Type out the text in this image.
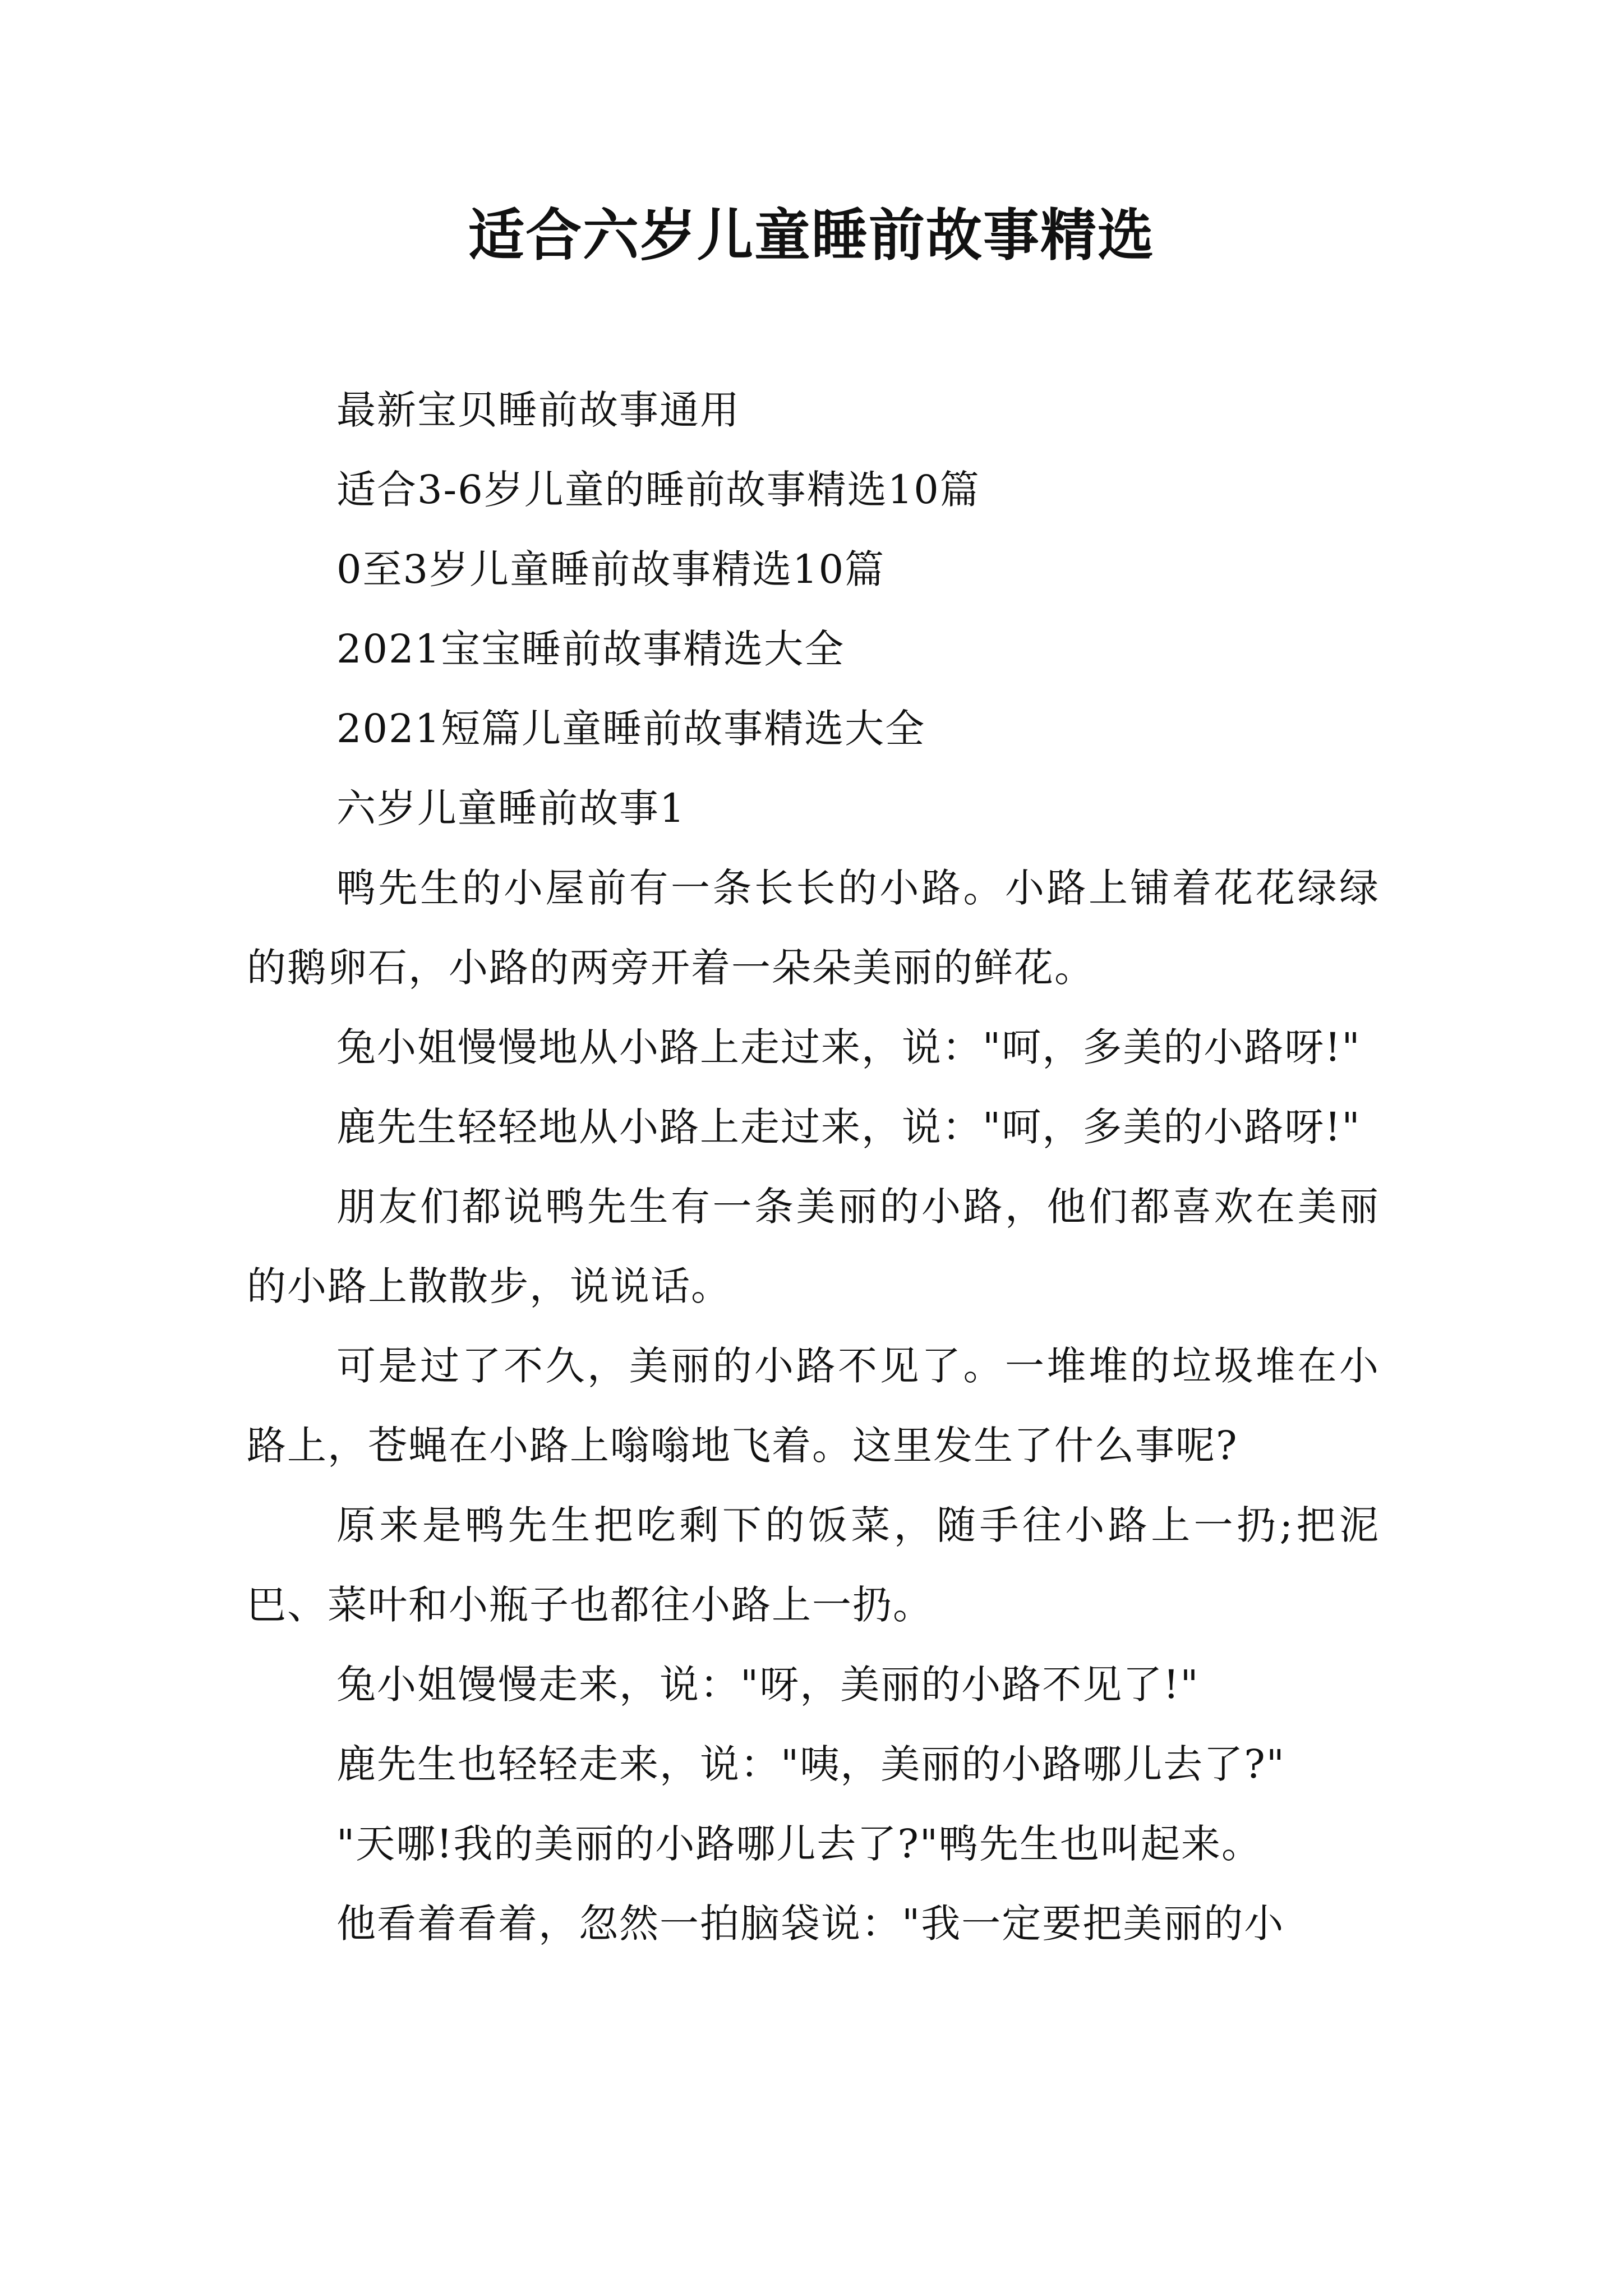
适合六岁儿童睡前故事精选

最新宝贝睡前故事通用

适合3-6岁儿童的睡前故事精选10篇

0至3岁儿童睡前故事精选10篇

2021宝宝睡前故事精选大全

2021短篇儿童睡前故事精选大全

六岁儿童睡前故事1

鸭先生的小屋前有一条长长的小路。小路上铺着花花绿绿的鹅卵石，小路的两旁开着一朵朵美丽的鲜花。

兔小姐慢慢地从小路上走过来，说："呵，多美的小路呀!"

鹿先生轻轻地从小路上走过来，说："呵，多美的小路呀!"

朋友们都说鸭先生有一条美丽的小路，他们都喜欢在美丽的小路上散散步，说说话。

可是过了不久，美丽的小路不见了。一堆堆的垃圾堆在小路上，苍蝇在小路上嗡嗡地飞着。这里发生了什么事呢?

原来是鸭先生把吃剩下的饭菜，随手往小路上一扔;把泥巴、菜叶和小瓶子也都往小路上一扔。

兔小姐馒慢走来，说："呀，美丽的小路不见了!"

鹿先生也轻轻走来，说："咦，美丽的小路哪儿去了?"

"天哪!我的美丽的小路哪儿去了?"鸭先生也叫起来。

他看着看着，忽然一拍脑袋说："我一定要把美丽的小
